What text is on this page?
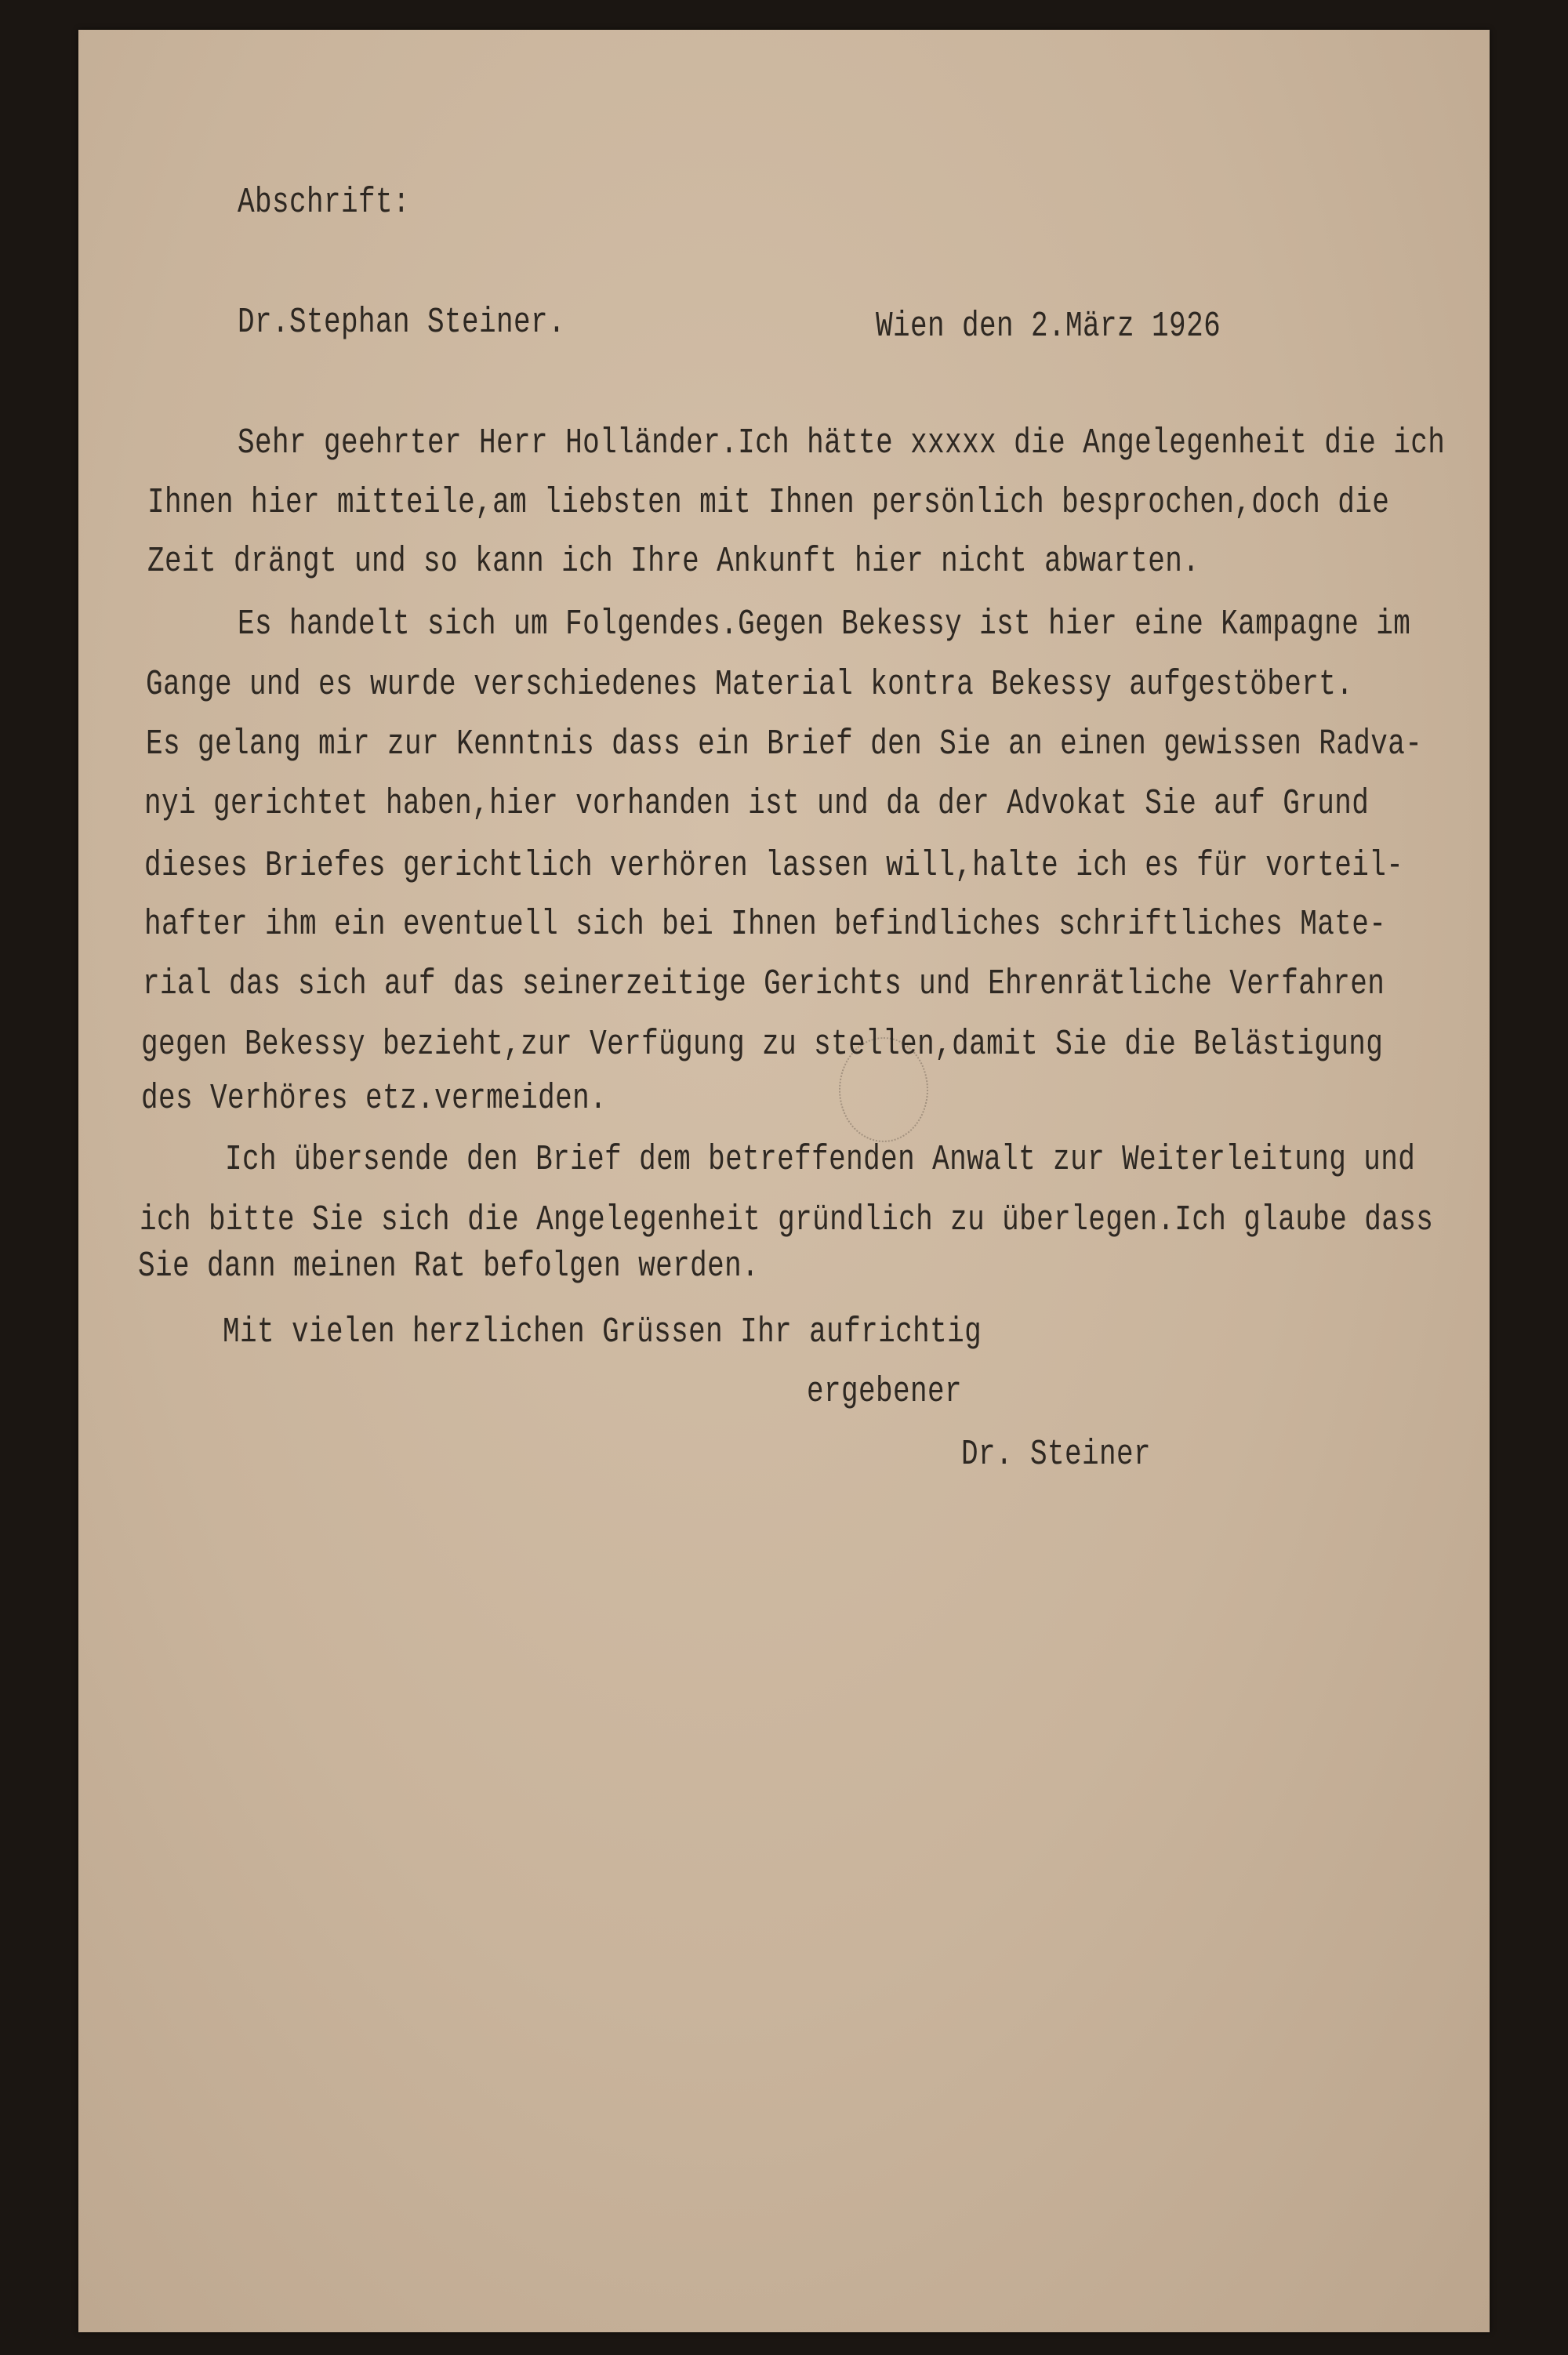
Abschrift:
Dr.Stephan Steiner.	Wien den 2.März 1926
Sehr geehrter Herr Holländer.Ich hätte xxxxx die Angelegenheit die ich
Ihnen hier mitteile,am liebsten mit Ihnen persönlich besprochen,doch die
Zeit drängt und so kann ich Ihre Ankunft hier nicht abwarten.
Es handelt sich um Folgendes.Gegen Bekessy ist hier eine Kampagne im
Gange und es wurde verschiedenes Material kontra Bekessy aufgestöbert.
Es gelang mir zur Kenntnis dass ein Brief den Sie an einen gewissen Radva-
nyi gerichtet haben,hier vorhanden ist und da der Advokat Sie auf Grund
dieses Briefes gerichtlich verhören lassen will,halte ich es für vorteil-
hafter ihm ein eventuell sich bei Ihnen befindliches schriftliches Mate-
rial das sich auf das seinerzeitige Gerichts und Ehrenrätliche Verfahren
gegen Bekessy bezieht,zur Verfügung zu stellen,damit Sie die Belästigung
des Verhöres etz.vermeiden.
Ich übersende den Brief dem betreffenden Anwalt zur Weiterleitung und
ich bitte Sie sich die Angelegenheit gründlich zu überlegen.Ich glaube dass
Sie dann meinen Rat befolgen werden.
Mit vielen herzlichen Grüssen Ihr aufrichtig
ergebener
Dr. Steiner
